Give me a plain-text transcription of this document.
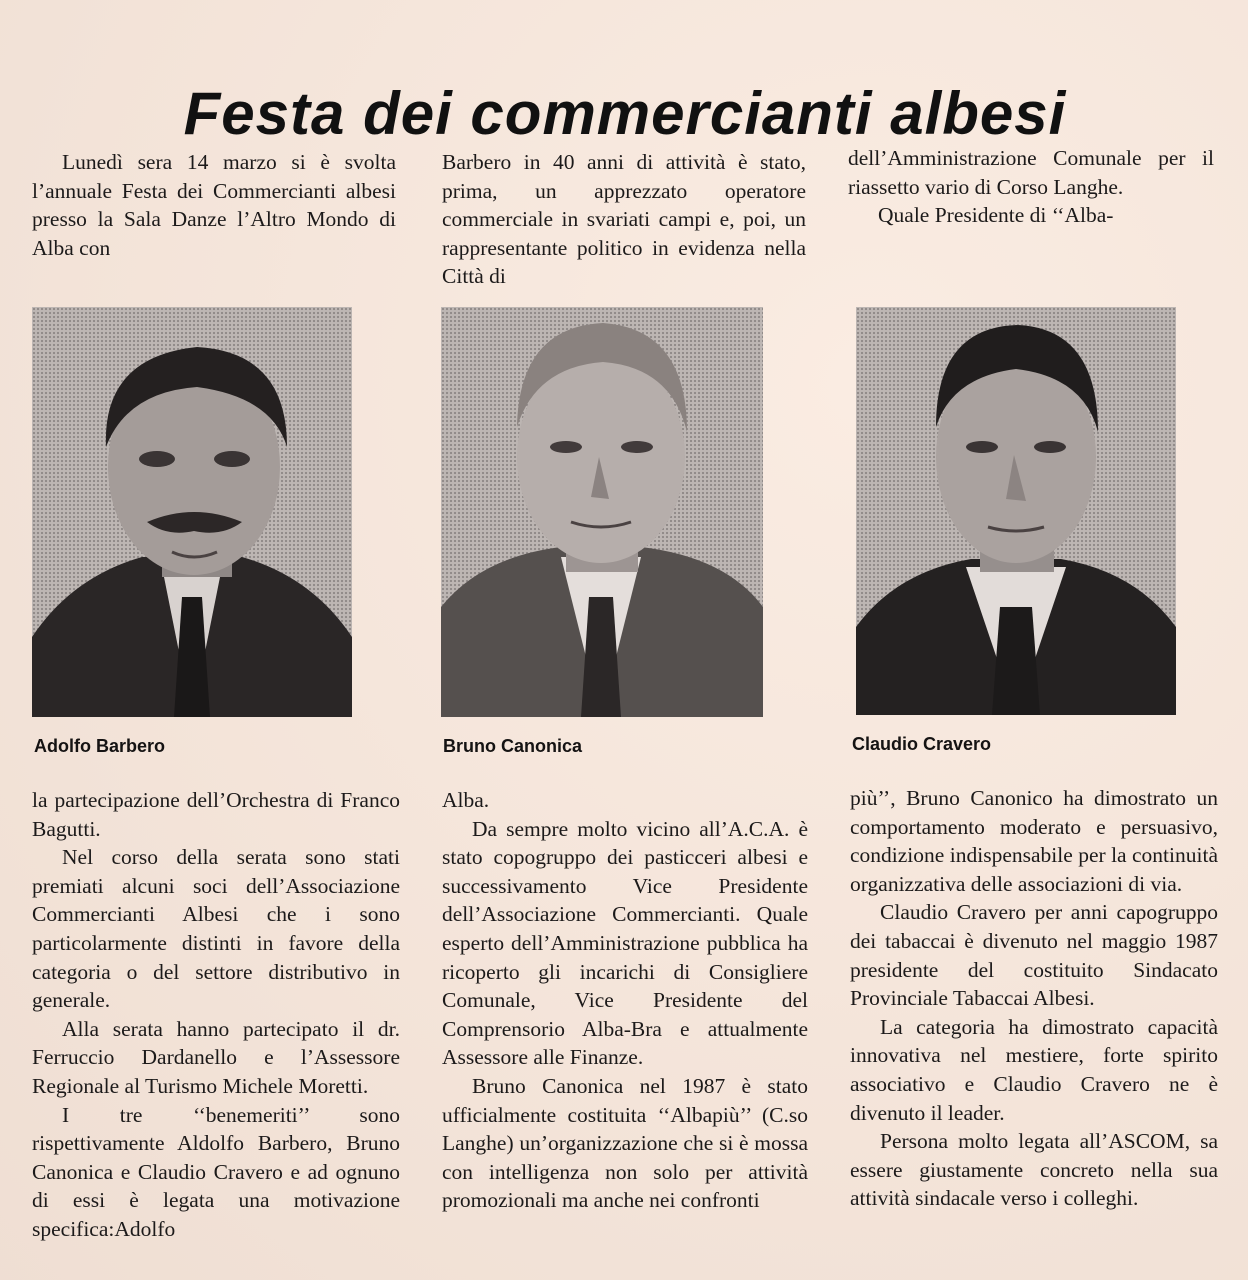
Festa dei commercianti albesi

Lunedì sera 14 marzo si è svolta l’annuale Festa dei Commercianti albesi presso la Sala Danze l’Altro Mondo di Alba con

Barbero in 40 anni di attività è stato, prima, un apprezzato operatore commerciale in svariati campi e, poi, un rappresentante politico in evidenza nella Città di

dell’Amministrazione Comunale per il riassetto vario di Corso Langhe.

Quale Presidente di ‘‘Alba-

Adolfo Barbero	Bruno Canonica	Claudio Cravero

la partecipazione dell’Orchestra di Franco Bagutti.

Nel corso della serata sono stati premiati alcuni soci dell’Associazione Commercianti Albesi che i sono particolarmente distinti in favore della categoria o del settore distributivo in generale.

Alla serata hanno partecipato il dr. Ferruccio Dardanello e l’Assessore Regionale al Turismo Michele Moretti.

I tre ‘‘benemeriti’’ sono rispettivamente Aldolfo Barbero, Bruno Canonica e Claudio Cravero e ad ognuno di essi è legata una motivazione specifica:Adolfo

Alba.

Da sempre molto vicino all’A.C.A. è stato copogruppo dei pasticceri albesi e successivamento Vice Presidente dell’Associazione Commercianti. Quale esperto dell’Amministrazione pubblica ha ricoperto gli incarichi di Consigliere Comunale, Vice Presidente del Comprensorio Alba-Bra e attualmente Assessore alle Finanze.

Bruno Canonica nel 1987 è stato ufficialmente costituita ‘‘Albapiù’’ (C.so Langhe) un’organizzazione che si è mossa con intelligenza non solo per attività promozionali ma anche nei confronti

più’’, Bruno Canonico ha dimostrato un comportamento moderato e persuasivo, condizione indispensabile per la continuità organizzativa delle associazioni di via.

Claudio Cravero per anni capogruppo dei tabaccai è divenuto nel maggio 1987 presidente del costituito Sindacato Provinciale Tabaccai Albesi.

La categoria ha dimostrato capacità innovativa nel mestiere, forte spirito associativo e Claudio Cravero ne è divenuto il leader.

Persona molto legata all’ASCOM, sa essere giustamente concreto nella sua attività sindacale verso i colleghi.
